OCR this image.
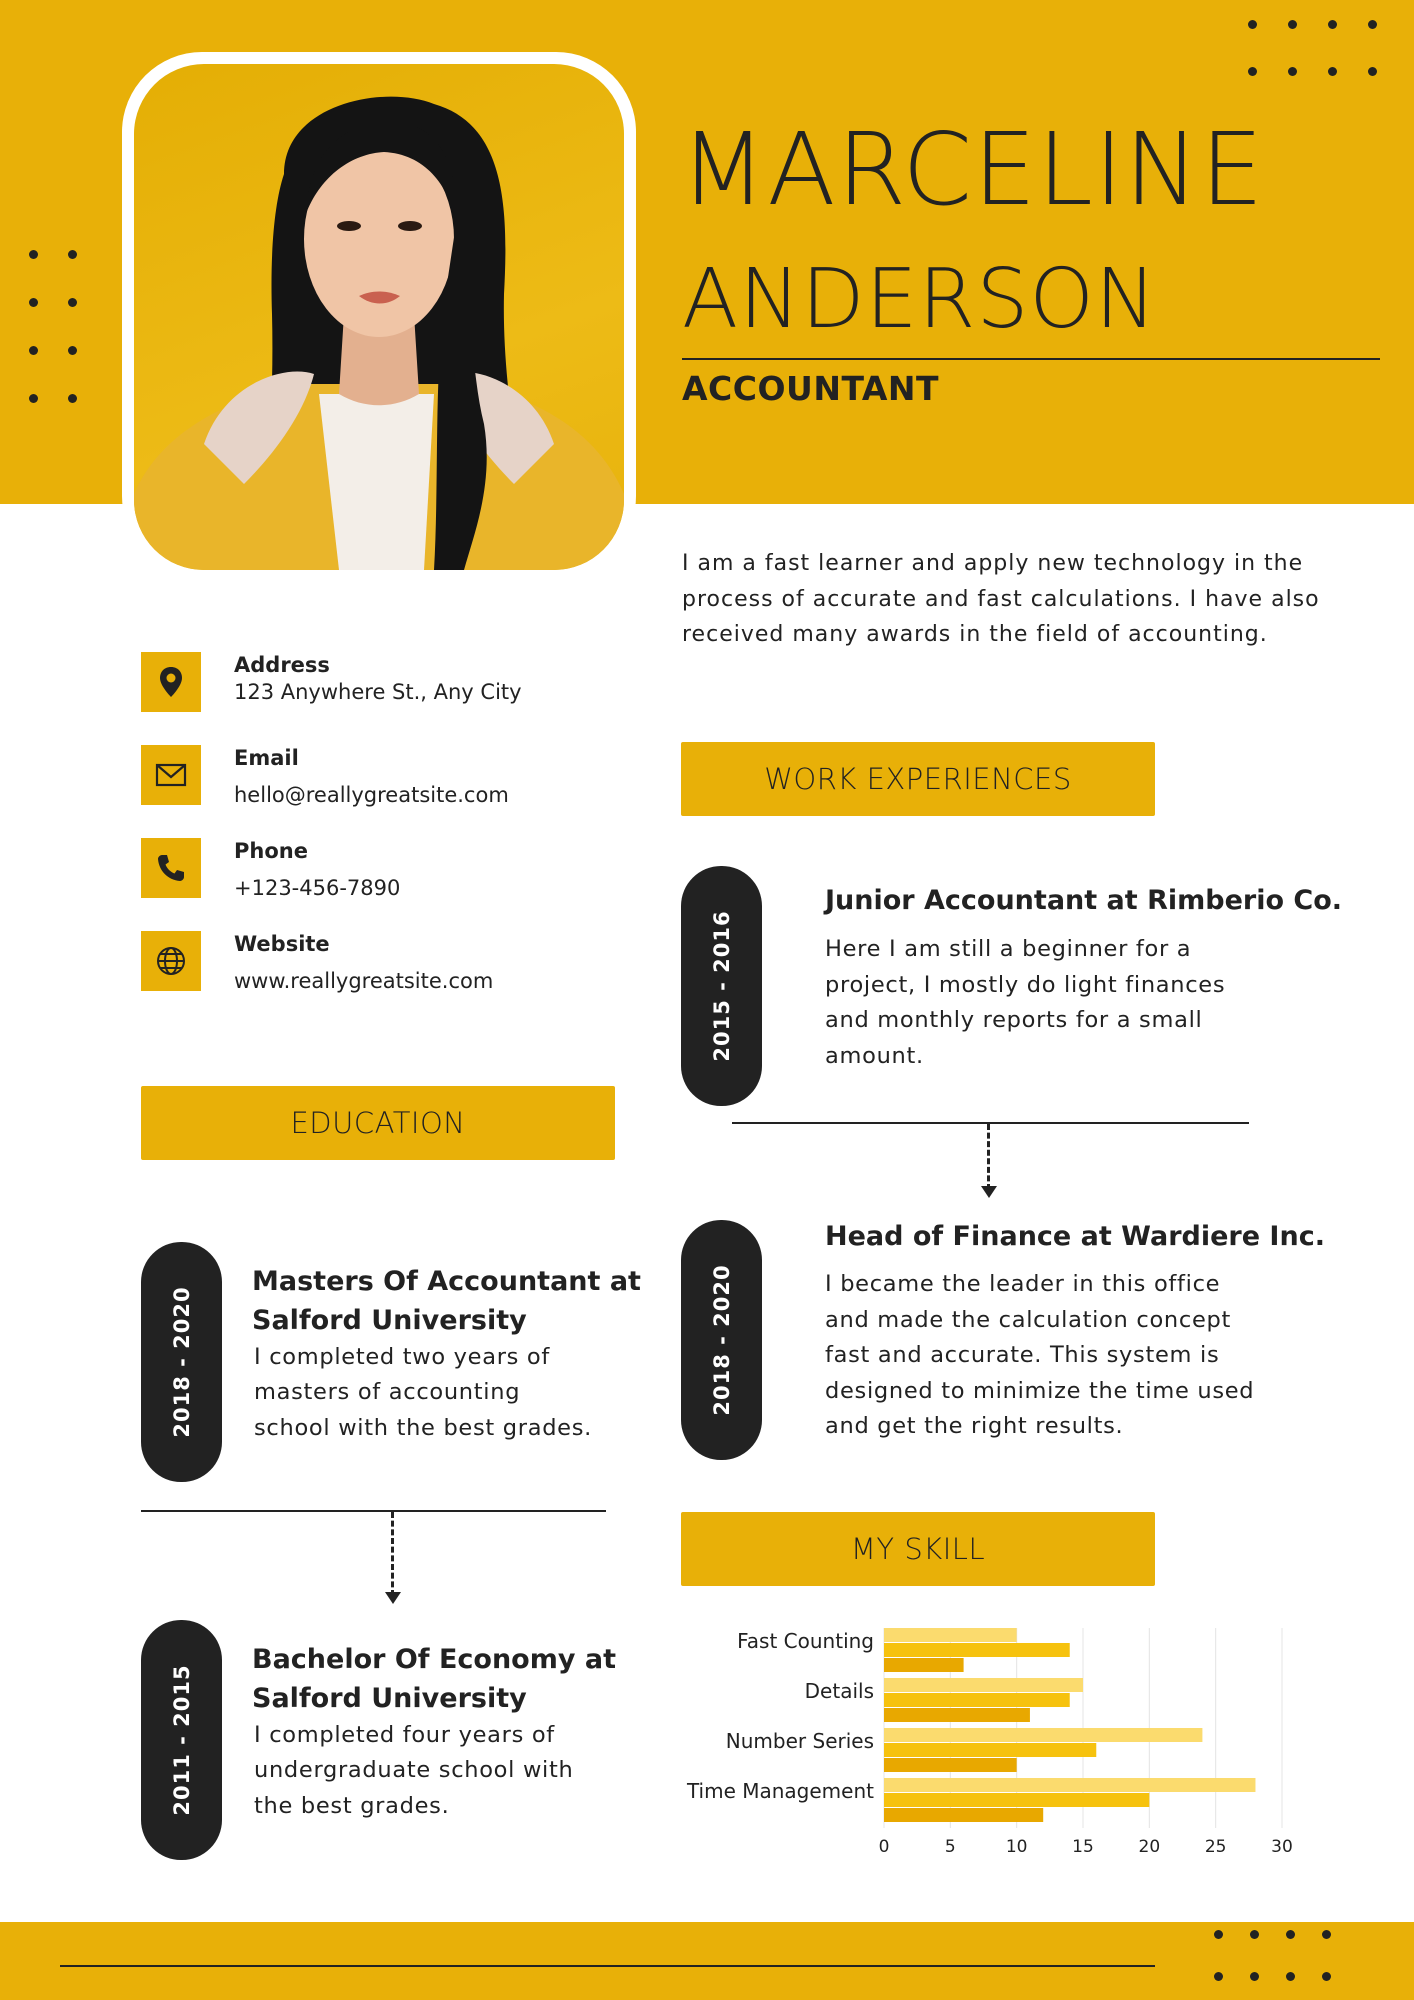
MARCELINE
ANDERSON
ACCOUNTANT
I am a fast learner and apply new technology in the process of accurate and fast calculations. I have also received many awards in the field of accounting.
Address
123 Anywhere St., Any City
Email
hello@reallygreatsite.com
Phone
+123-456-7890
Website
www.reallygreatsite.com
EDUCATION
2018 - 2020
Masters Of Accountant at
Salford University
I completed two years of
masters of accounting
school with the best grades.
2011 - 2015
Bachelor Of Economy at
Salford University
I completed four years of
undergraduate school with
the best grades.
WORK EXPERIENCES
2015 - 2016
Junior Accountant at Rimberio Co.
Here I am still a beginner for a
project, I mostly do light finances
and monthly reports for a small
amount.
2018 - 2020
Head of Finance at Wardiere Inc.
I became the leader in this office
and made the calculation concept
fast and accurate. This system is
designed to minimize the time used
and get the right results.
MY SKILL
0	5	10	15	20	25	30
Fast Counting
Details
Number Series
Time Management
